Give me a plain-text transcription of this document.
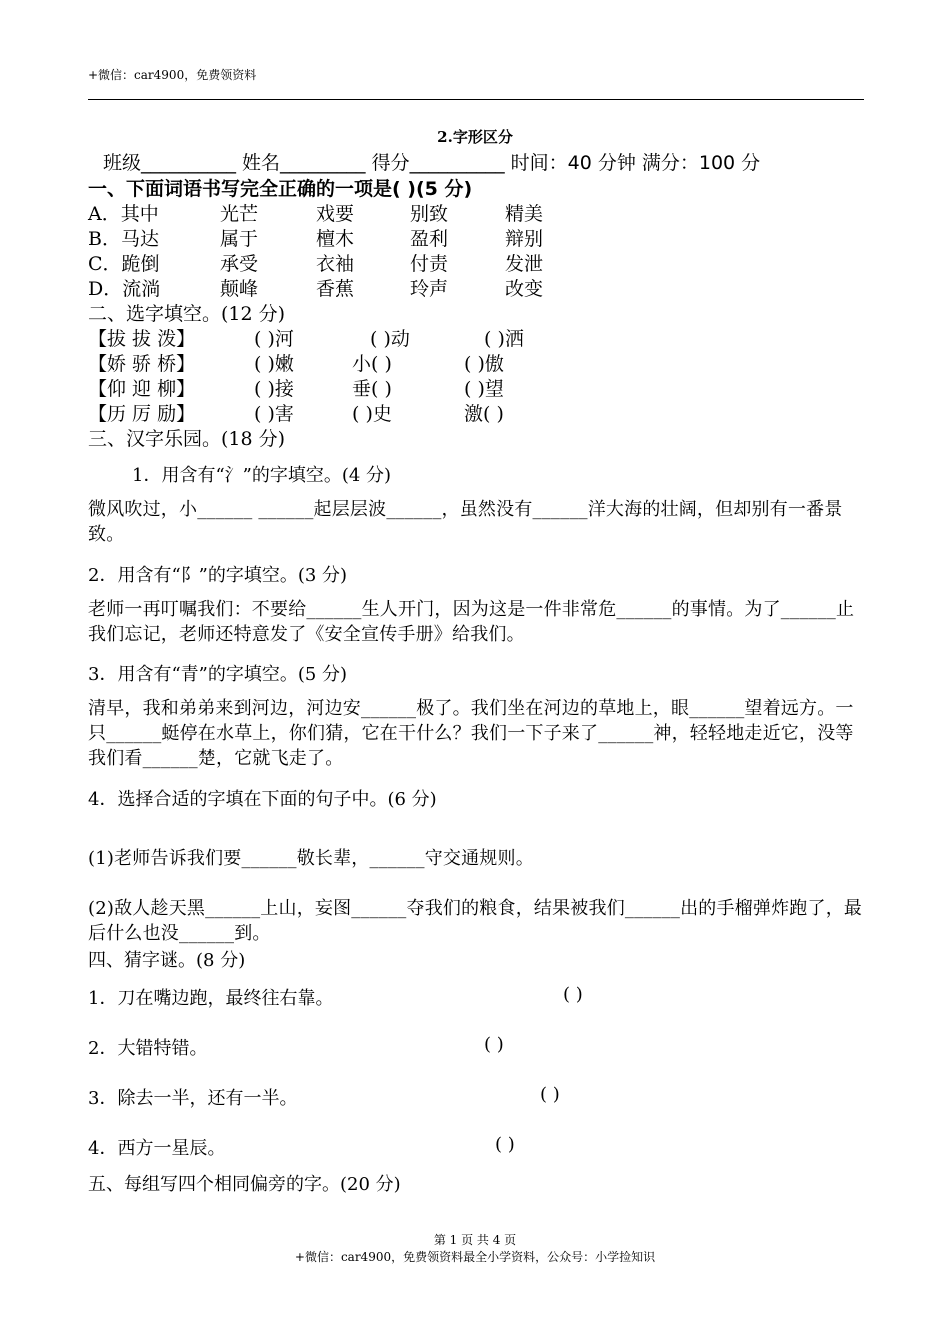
+微信：car4900，免费领资料
2.字形区分
班级__________ 姓名_________ 得分__________ 时间：40 分钟 满分：100 分
一、下面词语书写完全正确的一项是( )(5 分)
A．其中	光芒	戏要	别致	精美
B．马达	属于	檀木	盈利	辩别
C．跪倒	承受	衣袖	付责	发泄
D．流淌	颠峰	香蕉	玲声	改变
二、选字填空。(12 分)
【拔 拔 泼】	( )河	( )动	( )洒
【娇 骄 桥】	( )嫩	小( )	( )傲
【仰 迎 柳】	( )接	垂( )	( )望
【历 厉 励】	( )害	( )史	激( )
三、汉字乐园。(18 分)
1．用含有“氵”的字填空。(4 分)
微风吹过，小______ ______起层层波______，虽然没有______洋大海的壮阔，但却别有一番景致。
2．用含有“阝”的字填空。(3 分)
老师一再叮嘱我们：不要给______生人开门，因为这是一件非常危______的事情。为了______止我们忘记，老师还特意发了《安全宣传手册》给我们。
3．用含有“青”的字填空。(5 分)
清早，我和弟弟来到河边，河边安______极了。我们坐在河边的草地上，眼______望着远方。一只______蜓停在水草上，你们猜，它在干什么？我们一下子来了______神，轻轻地走近它，没等我们看______楚，它就飞走了。
4．选择合适的字填在下面的句子中。(6 分)
(1)老师告诉我们要______敬长辈，______守交通规则。
(2)敌人趁天黑______上山，妄图______夺我们的粮食，结果被我们______出的手榴弹炸跑了，最后什么也没______到。
四、猜字谜。(8 分)
1．刀在嘴边跑，最终往右靠。	( )
2．大错特错。	( )
3．除去一半，还有一半。	( )
4．西方一星辰。	( )
五、每组写四个相同偏旁的字。(20 分)
第 1 页 共 4 页
+微信：car4900，免费领资料最全小学资料，公众号：小学捡知识
